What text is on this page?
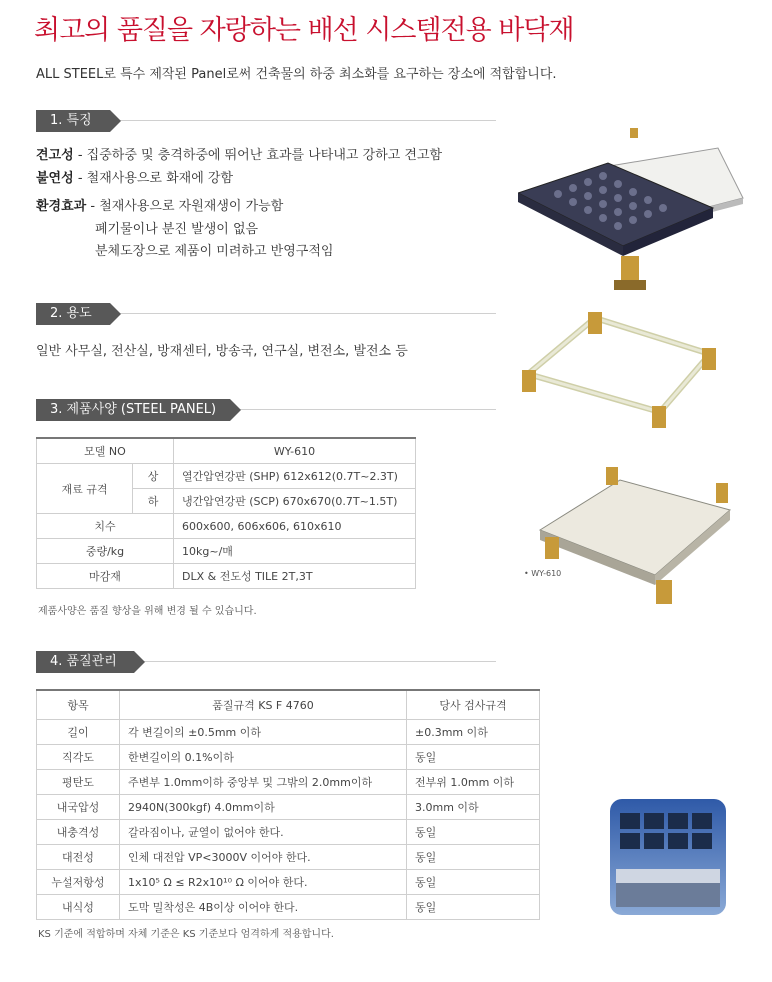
최고의 품질을 자랑하는 배선 시스템전용 바닥재
ALL STEEL로 특수 제작된 Panel로써 건축물의 하중 최소화를 요구하는 장소에 적합합니다.
1. 특징
견고성 - 집중하중 및 충격하중에 뛰어난 효과를 나타내고 강하고 견고함
불연성 - 철재사용으로 화재에 강함
환경효과 - 철재사용으로 자원재생이 가능함
폐기물이나 분진 발생이 없음
분체도장으로 제품이 미려하고 반영구적임
2. 용도
일반 사무실, 전산실, 방재센터, 방송국, 연구실, 변전소, 발전소 등
3. 제품사양 (STEEL PANEL)
모델 NO		WY-610
재료 규격	상	열간압연강판 (SHP) 612x612(0.7T~2.3T)
	하	냉간압연강판 (SCP) 670x670(0.7T~1.5T)
치수		600x600, 606x606, 610x610
중량/kg		10kg~/매
마감재		DLX & 전도성 TILE 2T,3T
제품사양은 품질 향상을 위해 변경 될 수 있습니다.
4. 품질관리
항목	품질규격 KS F 4760	당사 검사규격
길이	각 변길이의 ±0.5mm 이하	±0.3mm 이하
직각도	한변길이의 0.1%이하	동일
평탄도	주변부 1.0mm이하 중앙부 및 그밖의 2.0mm이하	전부위 1.0mm 이하
내국압성	2940N(300kgf) 4.0mm이하	3.0mm 이하
내충격성	갈라짐이나, 균열이 없어야 한다.	동일
대전성	인체 대전압 VP<3000V 이어야 한다.	동일
누설저항성	1x10⁵ Ω ≤ R2x10¹⁰ Ω 이어야 한다.	동일
내식성	도막 밀착성은 4B이상 이어야 한다.	동일
KS 기준에 적합하며 자체 기준은 KS 기준보다 엄격하게 적용합니다.
• WY-610
